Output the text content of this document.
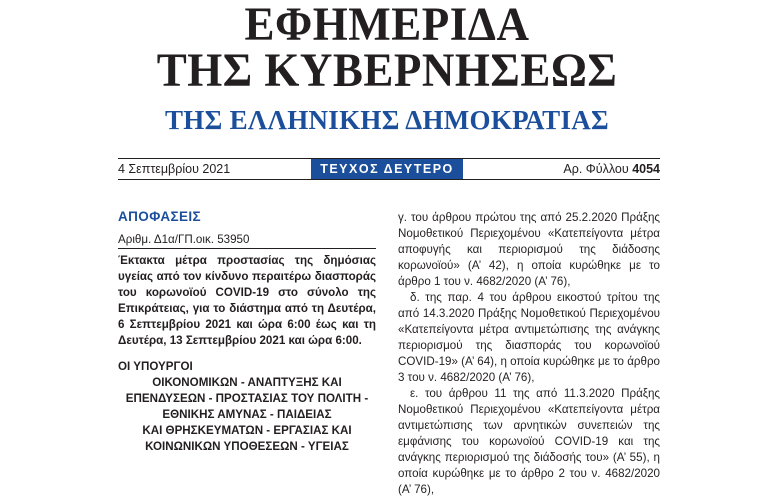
ΕΦΗΜΕΡΙΔΑ
ΤΗΣ ΚΥΒΕΡΝΗΣΕΩΣ
ΤΗΣ ΕΛΛΗΝΙΚΗΣ ΔΗΜΟΚΡΑΤΙΑΣ
4 Σεπτεμβρίου 2021	ΤΕΥΧΟΣ ΔΕΥΤΕΡΟ	Αρ. Φύλλου 4054
ΑΠΟΦΑΣΕΙΣ
Αριθμ. Δ1α/ΓΠ.οικ. 53950
Έκτακτα μέτρα προστασίας της δημόσιας υγείας από τον κίνδυνο περαιτέρω διασποράς του κορωνοϊού COVID-19 στο σύνολο της Επικράτειας, για το διάστημα από τη Δευτέρα, 6 Σεπτεμβρίου 2021 και ώρα 6:00 έως και τη Δευτέρα, 13 Σεπτεμβρίου 2021 και ώρα 6:00.
ΟΙ ΥΠΟΥΡΓΟΙ
ΟΙΚΟΝΟΜΙΚΩΝ - ΑΝΑΠΤΥΞΗΣ ΚΑΙ
ΕΠΕΝΔΥΣΕΩΝ - ΠΡΟΣΤΑΣΙΑΣ ΤΟΥ ΠΟΛΙΤΗ -
ΕΘΝΙΚΗΣ ΑΜΥΝΑΣ - ΠΑΙΔΕΙΑΣ
ΚΑΙ ΘΡΗΣΚΕΥΜΑΤΩΝ - ΕΡΓΑΣΙΑΣ ΚΑΙ
ΚΟΙΝΩΝΙΚΩΝ ΥΠΟΘΕΣΕΩΝ - ΥΓΕΙΑΣ
γ. του άρθρου πρώτου της από 25.2.2020 Πράξης Νομοθετικού Περιεχομένου «Κατεπείγοντα μέτρα αποφυγής και περιορισμού της διάδοσης κορωνοϊού» (Α’ 42), η οποία κυρώθηκε με το άρθρο 1 του ν. 4682/2020 (Α’ 76),
δ. της παρ. 4 του άρθρου εικοστού τρίτου της από 14.3.2020 Πράξης Νομοθετικού Περιεχομένου «Κατεπείγοντα μέτρα αντιμετώπισης της ανάγκης περιορισμού της διασποράς του κορωνοϊού COVID-19» (Α’ 64), η οποία κυρώθηκε με το άρθρο 3 του ν. 4682/2020 (Α’ 76),
ε. του άρθρου 11 της από 11.3.2020 Πράξης Νομοθετικού Περιεχομένου «Κατεπείγοντα μέτρα αντιμετώπισης των αρνητικών συνεπειών της εμφάνισης του κορωνοϊού COVID-19 και της ανάγκης περιορισμού της διάδοσής του» (Α’ 55), η οποία κυρώθηκε με το άρθρο 2 του ν. 4682/2020 (Α’ 76),
